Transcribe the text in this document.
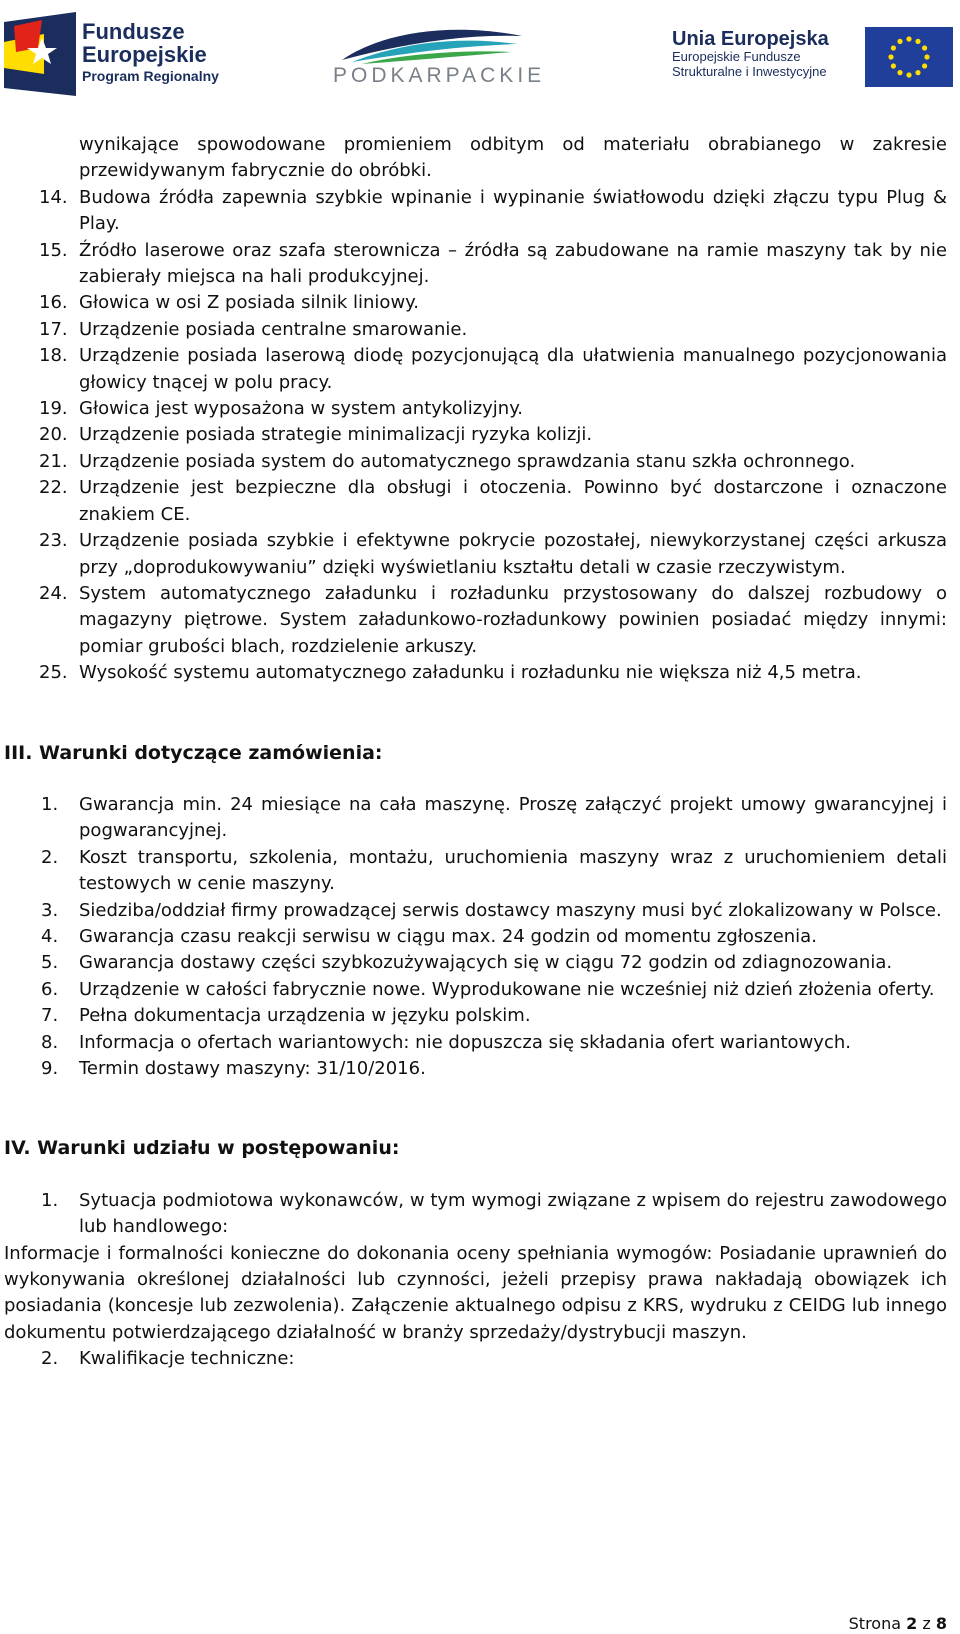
Fundusze
Europejskie
Program Regionalny	PODKARPACKIE
Unia Europejska
Europejskie Fundusze
Strukturalne i Inwestycyjne
wynikające spowodowane promieniem odbitym od materiału obrabianego w zakresie przewidywanym fabrycznie do obróbki.
14. Budowa źródła zapewnia szybkie wpinanie i wypinanie światłowodu dzięki złączu typu Plug & Play.
15. Źródło laserowe oraz szafa sterownicza – źródła są zabudowane na ramie maszyny tak by nie zabierały miejsca na hali produkcyjnej.
16. Głowica w osi Z posiada silnik liniowy.
17. Urządzenie posiada centralne smarowanie.
18. Urządzenie posiada laserową diodę pozycjonującą dla ułatwienia manualnego pozycjonowania głowicy tnącej w polu pracy.
19. Głowica jest wyposażona w system antykolizyjny.
20. Urządzenie posiada strategie minimalizacji ryzyka kolizji.
21. Urządzenie posiada system do automatycznego sprawdzania stanu szkła ochronnego.
22. Urządzenie jest bezpieczne dla obsługi i otoczenia. Powinno być dostarczone i oznaczone znakiem CE.
23. Urządzenie posiada szybkie i efektywne pokrycie pozostałej, niewykorzystanej części arkusza przy „doprodukowywaniu” dzięki wyświetlaniu kształtu detali w czasie rzeczywistym.
24. System automatycznego załadunku i rozładunku przystosowany do dalszej rozbudowy o magazyny piętrowe. System załadunkowo-rozładunkowy powinien posiadać między innymi: pomiar grubości blach, rozdzielenie arkuszy.
25. Wysokość systemu automatycznego załadunku i rozładunku nie większa niż 4,5 metra.
III. Warunki dotyczące zamówienia:
1. Gwarancja min. 24 miesiące na cała maszynę. Proszę załączyć projekt umowy gwarancyjnej i pogwarancyjnej.
2. Koszt transportu, szkolenia, montażu, uruchomienia maszyny wraz z uruchomieniem detali testowych w cenie maszyny.
3. Siedziba/oddział firmy prowadzącej serwis dostawcy maszyny musi być zlokalizowany w Polsce.
4. Gwarancja czasu reakcji serwisu w ciągu max. 24 godzin od momentu zgłoszenia.
5. Gwarancja dostawy części szybkozużywających się w ciągu 72 godzin od zdiagnozowania.
6. Urządzenie w całości fabrycznie nowe. Wyprodukowane nie wcześniej niż dzień złożenia oferty.
7. Pełna dokumentacja urządzenia w języku polskim.
8. Informacja o ofertach wariantowych: nie dopuszcza się składania ofert wariantowych.
9. Termin dostawy maszyny: 31/10/2016.
IV. Warunki udziału w postępowaniu:
1. Sytuacja podmiotowa wykonawców, w tym wymogi związane z wpisem do rejestru zawodowego lub handlowego:

Informacje i formalności konieczne do dokonania oceny spełniania wymogów: Posiadanie uprawnień do wykonywania określonej działalności lub czynności, jeżeli przepisy prawa nakładają obowiązek ich posiadania (koncesje lub zezwolenia). Załączenie aktualnego odpisu z KRS, wydruku z CEIDG lub innego dokumentu potwierdzającego działalność w branży sprzedaży/dystrybucji maszyn.

2. Kwalifikacje techniczne:
Strona 2 z 8
